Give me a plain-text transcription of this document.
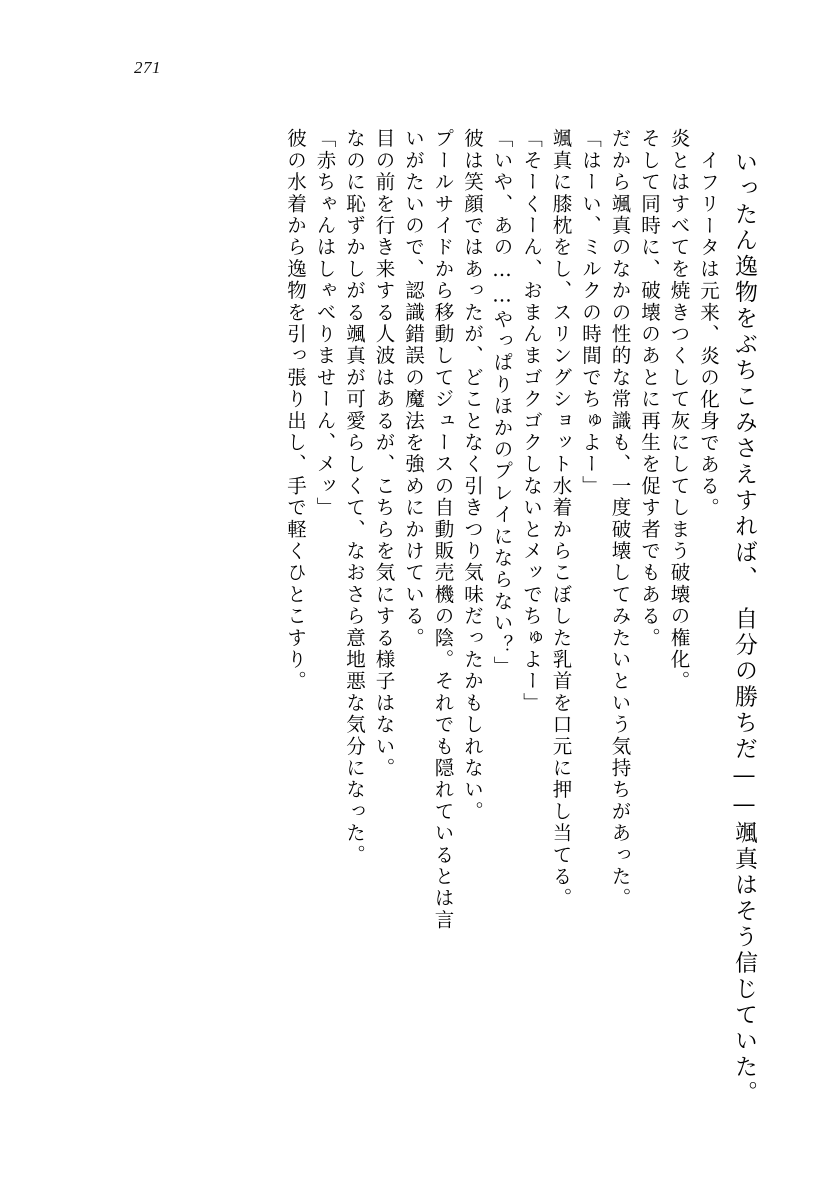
271
いったん逸物をぶちこみさえすれば、　自分の勝ちだ——颯真はそう信じていた。
イフリータは元来、炎の化身である。
炎とはすべてを焼きつくして灰にしてしまう破壊の権化。
そして同時に、破壊のあとに再生を促す者でもある。
だから颯真のなかの性的な常識も、一度破壊してみたいという気持ちがあった。
「はーい、ミルクの時間でちゅよー」
颯真に膝枕をし、スリングショット水着からこぼした乳首を口元に押し当てる。
「そーくーん、おまんまゴクゴクしないとメッでちゅよー」
「いや、あの……やっぱりほかのプレイにならない？」
彼は笑顔ではあったが、どことなく引きつり気味だったかもしれない。
プールサイドから移動してジュースの自動販売機の陰。それでも隠れているとは言
いがたいので、認識錯誤の魔法を強めにかけている。
目の前を行き来する人波はあるが、こちらを気にする様子はない。
なのに恥ずかしがる颯真が可愛らしくて、なおさら意地悪な気分になった。
「赤ちゃんはしゃべりませーん、メッ」
彼の水着から逸物を引っ張り出し、手で軽くひとこすり。
